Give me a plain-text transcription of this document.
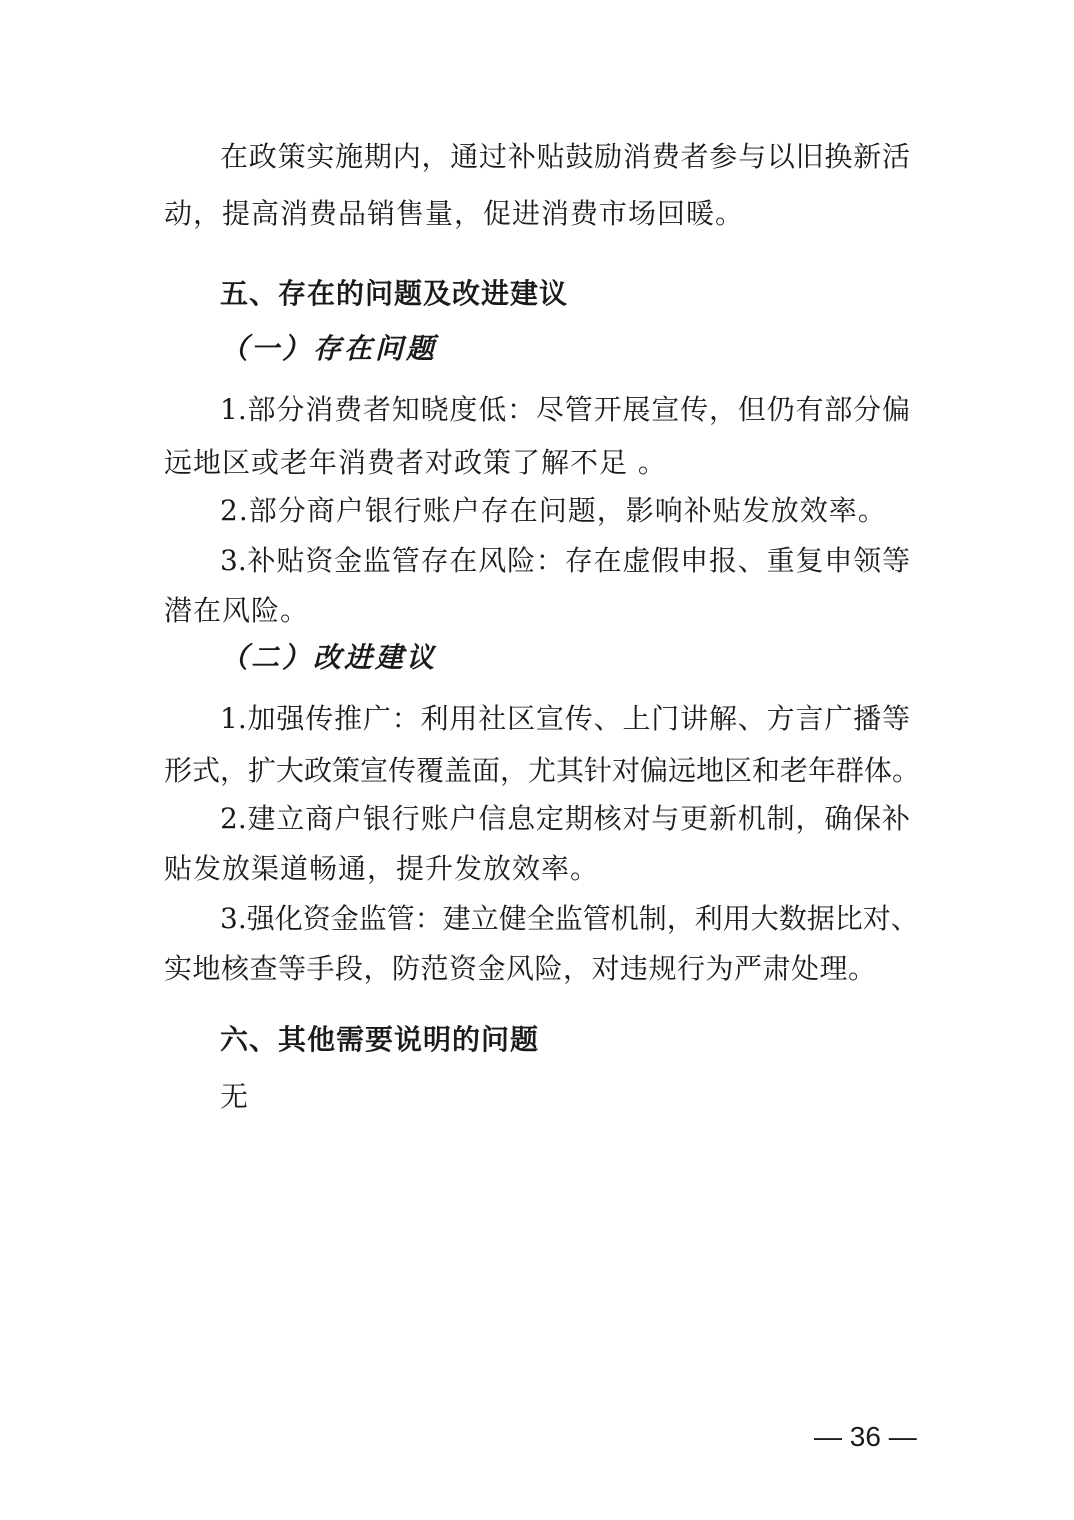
在政策实施期内，通过补贴鼓励消费者参与以旧换新活
动，提高消费品销售量，促进消费市场回暖。
五、存在的问题及改进建议
（一）存在问题
1.部分消费者知晓度低：尽管开展宣传，但仍有部分偏
远地区或老年消费者对政策了解不足 。
2.部分商户银行账户存在问题，影响补贴发放效率。
3.补贴资金监管存在风险：存在虚假申报、重复申领等
潜在风险。
（二）改进建议
1.加强传推广：利用社区宣传、上门讲解、方言广播等
形式，扩大政策宣传覆盖面，尤其针对偏远地区和老年群体。
2.建立商户银行账户信息定期核对与更新机制，确保补
贴发放渠道畅通，提升发放效率。
3.强化资金监管：建立健全监管机制，利用大数据比对、
实地核查等手段，防范资金风险，对违规行为严肃处理。
六、其他需要说明的问题
无
— 36 —
